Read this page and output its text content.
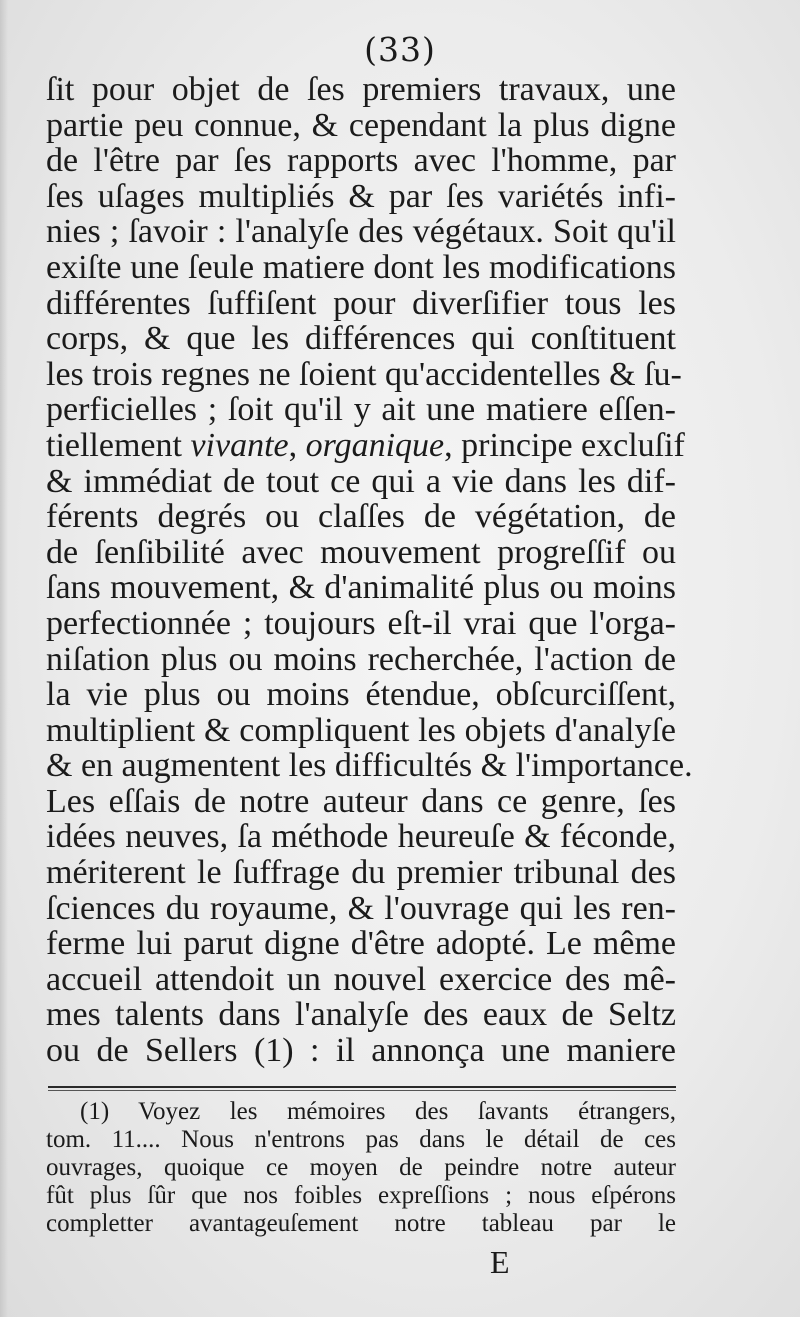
(33)
ſit pour objet de ſes premiers travaux, une
partie peu connue, & cependant la plus digne
de l'être par ſes rapports avec l'homme, par
ſes uſages multipliés & par ſes variétés infi-
nies ; ſavoir : l'analyſe des végétaux. Soit qu'il
exiſte une ſeule matiere dont les modifications
différentes ſuffiſent pour diverſifier tous les
corps, & que les différences qui conſtituent
les trois regnes ne ſoient qu'accidentelles & ſu-
perficielles ; ſoit qu'il y ait une matiere eſſen-
tiellement vivante, organique, principe excluſif
& immédiat de tout ce qui a vie dans les dif-
férents degrés ou claſſes de végétation, de
de ſenſibilité avec mouvement progreſſif ou
ſans mouvement, & d'animalité plus ou moins
perfectionnée ; toujours eſt-il vrai que l'orga-
niſation plus ou moins recherchée, l'action de
la vie plus ou moins étendue, obſcurciſſent,
multiplient & compliquent les objets d'analyſe
& en augmentent les difficultés & l'importance.
Les eſſais de notre auteur dans ce genre, ſes
idées neuves, ſa méthode heureuſe & féconde,
mériterent le ſuffrage du premier tribunal des
ſciences du royaume, & l'ouvrage qui les ren-
ferme lui parut digne d'être adopté. Le même
accueil attendoit un nouvel exercice des mê-
mes talents dans l'analyſe des eaux de Seltz
ou de Sellers (1) : il annonça une maniere
(1) Voyez les mémoires des ſavants étrangers,
tom. 11.... Nous n'entrons pas dans le détail de ces
ouvrages, quoique ce moyen de peindre notre auteur
fût plus ſûr que nos foibles expreſſions ; nous eſpérons
completter avantageuſement notre tableau par le
E
